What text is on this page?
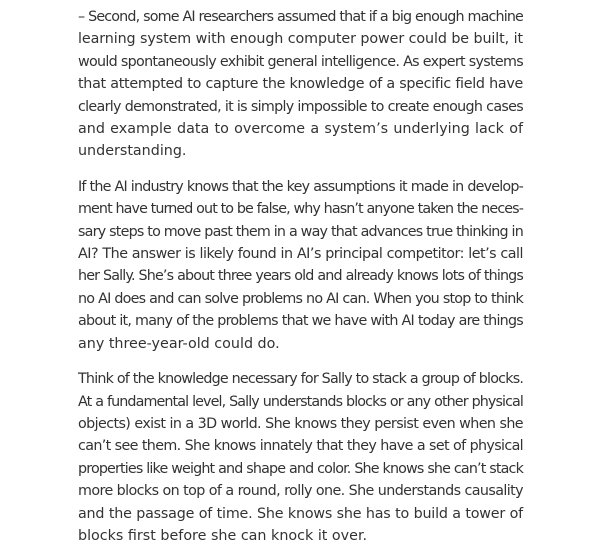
– Second, some AI researchers assumed that if a big enough machine
learning system with enough computer power could be built, it
would spontaneously exhibit general intelligence. As expert systems
that attempted to capture the knowledge of a specific field have
clearly demonstrated, it is simply impossible to create enough cases
and example data to overcome a system’s underlying lack of
understanding.

If the AI industry knows that the key assumptions it made in develop-
ment have turned out to be false, why hasn’t anyone taken the neces-
sary steps to move past them in a way that advances true thinking in
AI? The answer is likely found in AI’s principal competitor: let’s call
her Sally. She’s about three years old and already knows lots of things
no AI does and can solve problems no AI can. When you stop to think
about it, many of the problems that we have with AI today are things
any three-year-old could do.

Think of the knowledge necessary for Sally to stack a group of blocks.
At a fundamental level, Sally understands blocks or any other physical
objects) exist in a 3D world. She knows they persist even when she
can’t see them. She knows innately that they have a set of physical
properties like weight and shape and color. She knows she can’t stack
more blocks on top of a round, rolly one. She understands causality
and the passage of time. She knows she has to build a tower of
blocks first before she can knock it over.
